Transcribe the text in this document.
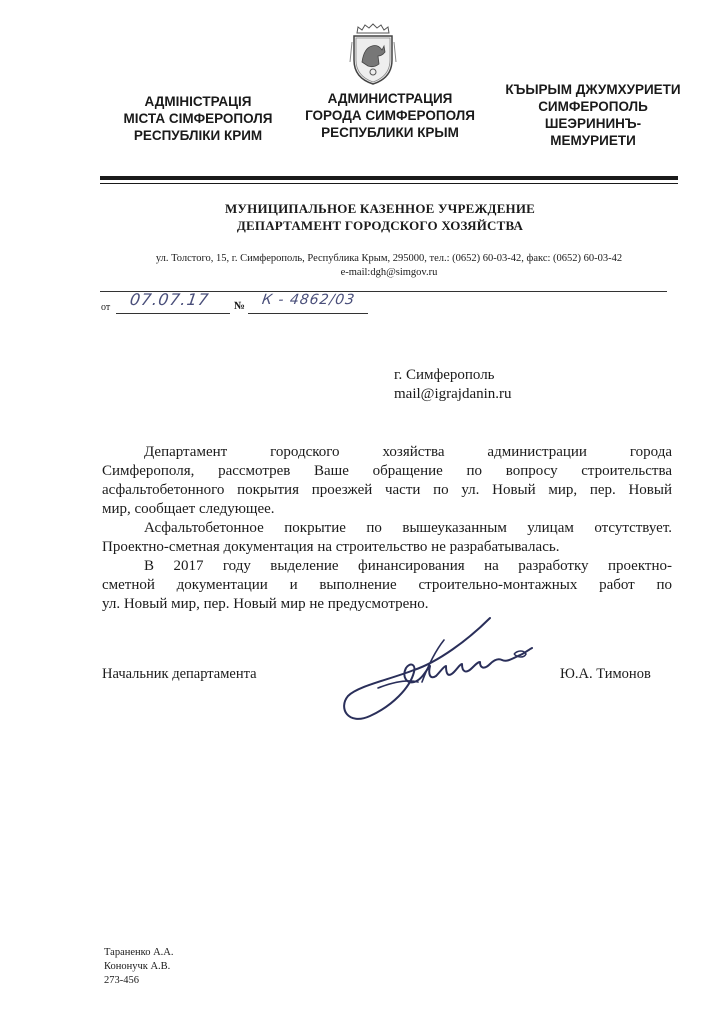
АДМІНІСТРАЦІЯ
МІСТА СІМФЕРОПОЛЯ
РЕСПУБЛІКИ КРИМ
АДМИНИСТРАЦИЯ
ГОРОДА СИМФЕРОПОЛЯ
РЕСПУБЛИКИ КРЫМ
КЪЫРЫМ ДЖУМХУРИЕТИ
СИМФЕРОПОЛЬ
ШЕЭРИНИНЪ-
МЕМУРИЕТИ
МУНИЦИПАЛЬНОЕ КАЗЕННОЕ УЧРЕЖДЕНИЕ
ДЕПАРТАМЕНТ ГОРОДСКОГО ХОЗЯЙСТВА
ул. Толстого, 15, г. Симферополь, Республика Крым, 295000, тел.: (0652) 60-03-42, факс: (0652) 60-03-42
e-mail:dgh@simgov.ru
от 07.07.17 № К - 4862/03
г. Симферополь
mail@igrajdanin.ru
Департамент городского хозяйства администрации города
Симферополя, рассмотрев Ваше обращение по вопросу строительства
асфальтобетонного покрытия проезжей части по ул. Новый мир, пер. Новый
мир, сообщает следующее.
Асфальтобетонное покрытие по вышеуказанным улицам отсутствует.
Проектно-сметная документация на строительство не разрабатывалась.
В 2017 году выделение финансирования на разработку проектно-
сметной документации и выполнение строительно-монтажных работ по
ул. Новый мир, пер. Новый мир не предусмотрено.
Начальник департамента	Ю.А. Тимонов
Тараненко А.А.
Кононучк А.В.
273-456
